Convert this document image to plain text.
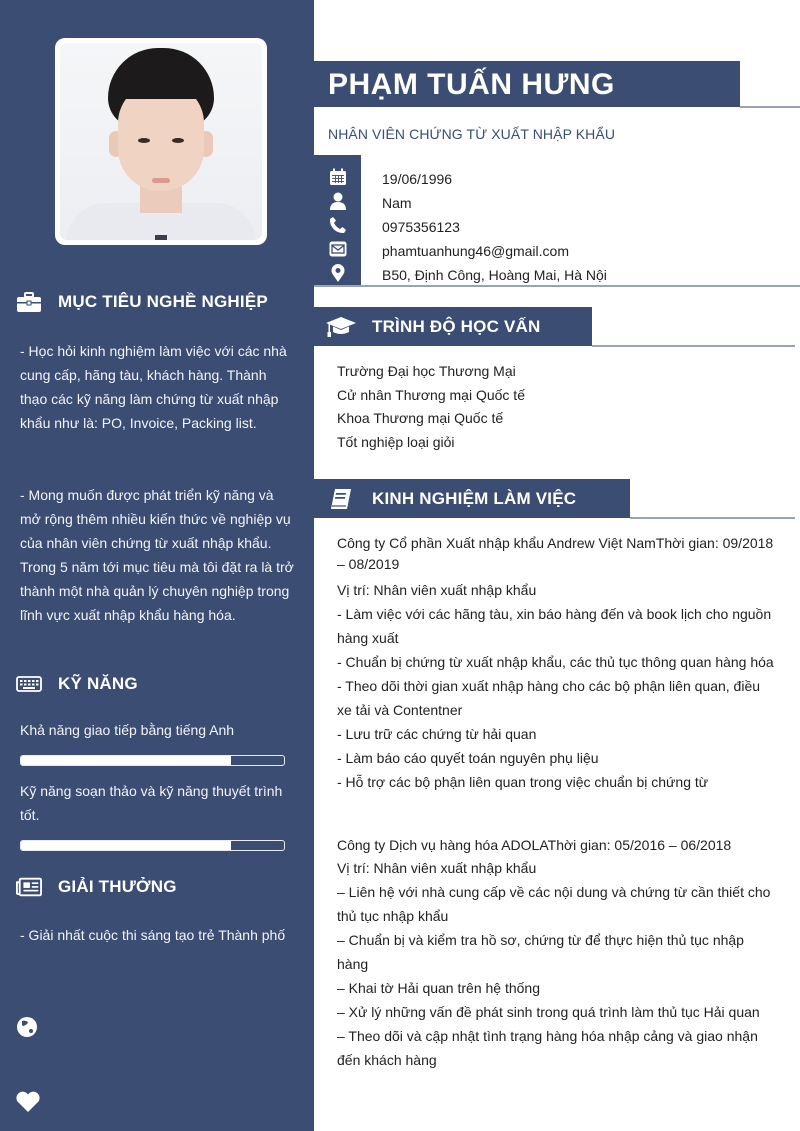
MỤC TIÊU NGHỀ NGHIỆP
- Học hỏi kinh nghiệm làm việc với các nhà cung cấp, hãng tàu, khách hàng. Thành thạo các kỹ năng làm chứng từ xuất nhập khẩu như là: PO, Invoice, Packing list.
- Mong muốn được phát triển kỹ năng và mở rộng thêm nhiều kiến thức về nghiệp vụ của nhân viên chứng từ xuất nhập khẩu. Trong 5 năm tới mục tiêu mà tôi đặt ra là trở thành một nhà quản lý chuyên nghiệp trong lĩnh vực xuất nhập khẩu hàng hóa.
KỸ NĂNG
Khả năng giao tiếp bằng tiếng Anh
Kỹ năng soạn thảo và kỹ năng thuyết trình tốt.
GIẢI THƯỞNG
- Giải nhất cuộc thi sáng tạo trẻ Thành phố
PHẠM TUẤN HƯNG
NHÂN VIÊN CHỨNG TỪ XUẤT NHẬP KHẨU
19/06/1996
Nam
0975356123
phamtuanhung46@gmail.com
B50, Định Công, Hoàng Mai, Hà Nội
TRÌNH ĐỘ HỌC VẤN
Trường Đại học Thương Mại
Cử nhân Thương mại Quốc tế
Khoa Thương mại Quốc tế
Tốt nghiệp loại giỏi
KINH NGHIỆM LÀM VIỆC
Công ty Cổ phần Xuất nhập khẩu Andrew Việt NamThời gian: 09/2018 – 08/2019
Vị trí: Nhân viên xuất nhập khẩu
- Làm việc với các hãng tàu, xin báo hàng đến và book lịch cho nguồn hàng xuất
- Chuẩn bị chứng từ xuất nhập khẩu, các thủ tục thông quan hàng hóa
- Theo dõi thời gian xuất nhập hàng cho các bộ phận liên quan, điều xe tải và Contentner
- Lưu trữ các chứng từ hải quan
- Làm báo cáo quyết toán nguyên phụ liệu
- Hỗ trợ các bộ phận liên quan trong việc chuẩn bị chứng từ
Công ty Dịch vụ hàng hóa ADOLAThời gian: 05/2016 – 06/2018
Vị trí: Nhân viên xuất nhập khẩu
– Liên hệ với nhà cung cấp về các nội dung và chứng từ cần thiết cho thủ tục nhập khẩu
– Chuẩn bị và kiểm tra hồ sơ, chứng từ để thực hiện thủ tục nhập hàng
– Khai tờ Hải quan trên hệ thống
– Xử lý những vấn đề phát sinh trong quá trình làm thủ tục Hải quan
– Theo dõi và cập nhật tình trạng hàng hóa nhập cảng và giao nhận đến khách hàng
